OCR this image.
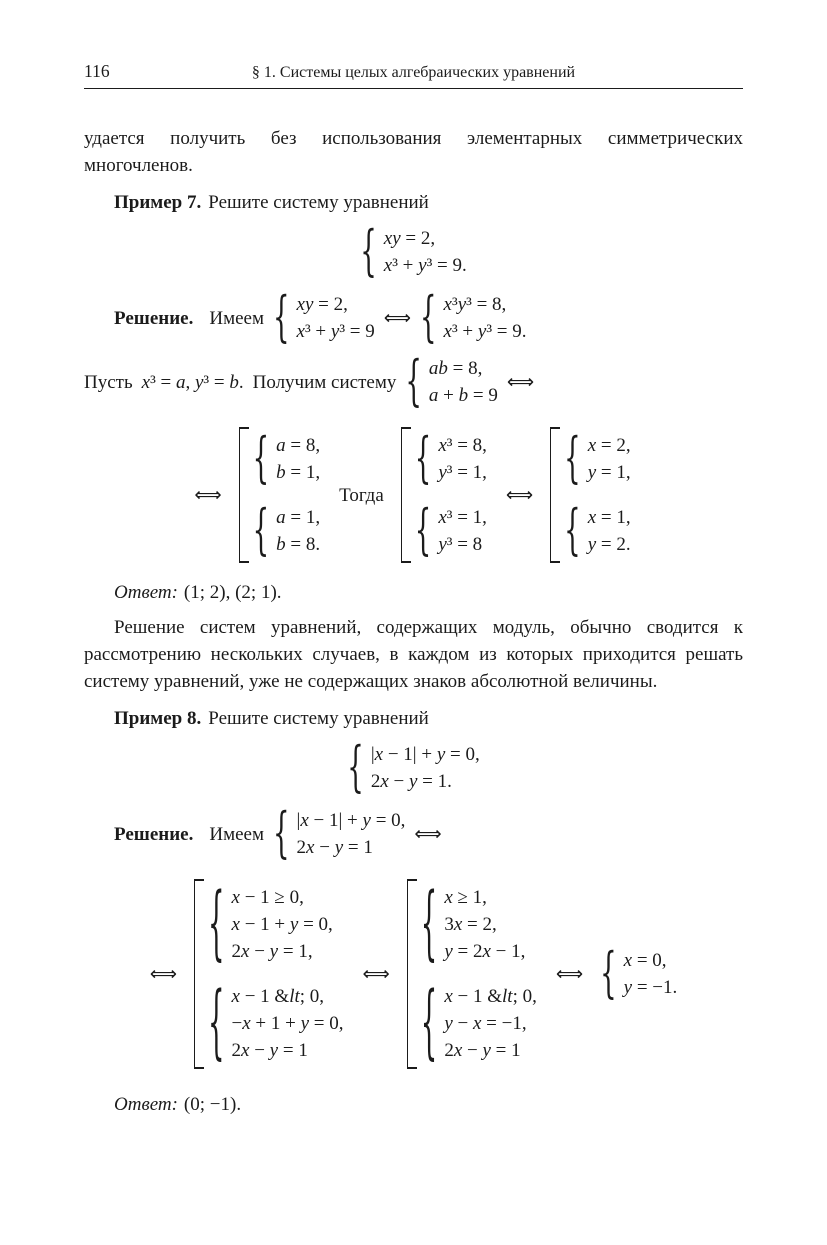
116	§ 1. Системы целых алгебраических уравнений

удается получить без использования элементарных симметрических многочленов.

Пример 7. Решите систему уравнений

{ xy = 2,
x³ + y³ = 9.
Решение. Имеем { xy = 2,
x³ + y³ = 9
⟺ { x³y³ = 8,
x³ + y³ = 9.
Пусть x³ = a, y³ = b. Получим систему { ab = 8,
a + b = 9
⟺
⟺
{ a = 8,
b = 1,
{ a = 1,
b = 8.
Тогда
{ x³ = 8,
y³ = 1,
{ x³ = 1,
y³ = 8
⟺
{ x = 2,
y = 1,
{ x = 1,
y = 2.

Ответ: (1; 2), (2; 1).

Решение систем уравнений, содержащих модуль, обычно сводится к рассмотрению нескольких случаев, в каждом из которых приходится решать систему уравнений, уже не содержащих знаков абсолютной величины.

Пример 8. Решите систему уравнений

{ |x − 1| + y = 0,
2x − y = 1.
Решение. Имеем { |x − 1| + y = 0,
2x − y = 1
⟺
⟺
{ x − 1 ≥ 0,
x − 1 + y = 0,
2x − y = 1,
{ x − 1 &lt; 0,
−x + 1 + y = 0,
2x − y = 1
⟺
{ x ≥ 1,
3x = 2,
y = 2x − 1,
{ x − 1 &lt; 0,
y − x = −1,
2x − y = 1
⟺ { x = 0,
y = −1.

Ответ: (0; −1).
